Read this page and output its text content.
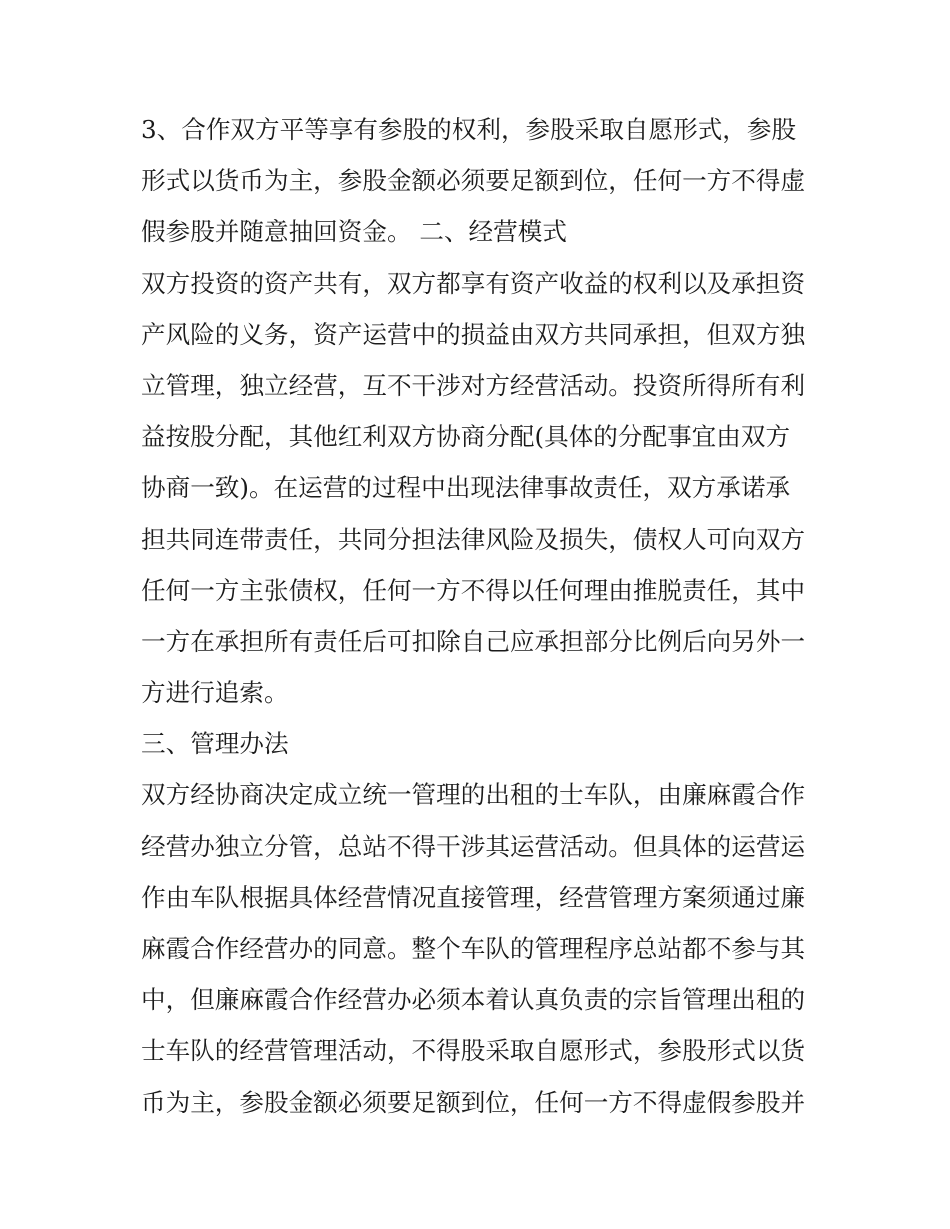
3、合作双方平等享有参股的权利，参股采取自愿形式，参股
形式以货币为主，参股金额必须要足额到位，任何一方不得虚
假参股并随意抽回资金。 二、经营模式
双方投资的资产共有，双方都享有资产收益的权利以及承担资
产风险的义务，资产运营中的损益由双方共同承担，但双方独
立管理，独立经营，互不干涉对方经营活动。投资所得所有利
益按股分配，其他红利双方协商分配(具体的分配事宜由双方
协商一致)。在运营的过程中出现法律事故责任，双方承诺承
担共同连带责任，共同分担法律风险及损失，债权人可向双方
任何一方主张债权，任何一方不得以任何理由推脱责任，其中
一方在承担所有责任后可扣除自己应承担部分比例后向另外一
方进行追索。
三、管理办法
双方经协商决定成立统一管理的出租的士车队，由廉麻霞合作
经营办独立分管，总站不得干涉其运营活动。但具体的运营运
作由车队根据具体经营情况直接管理，经营管理方案须通过廉
麻霞合作经营办的同意。整个车队的管理程序总站都不参与其
中，但廉麻霞合作经营办必须本着认真负责的宗旨管理出租的
士车队的经营管理活动，不得股采取自愿形式，参股形式以货
币为主，参股金额必须要足额到位，任何一方不得虚假参股并
